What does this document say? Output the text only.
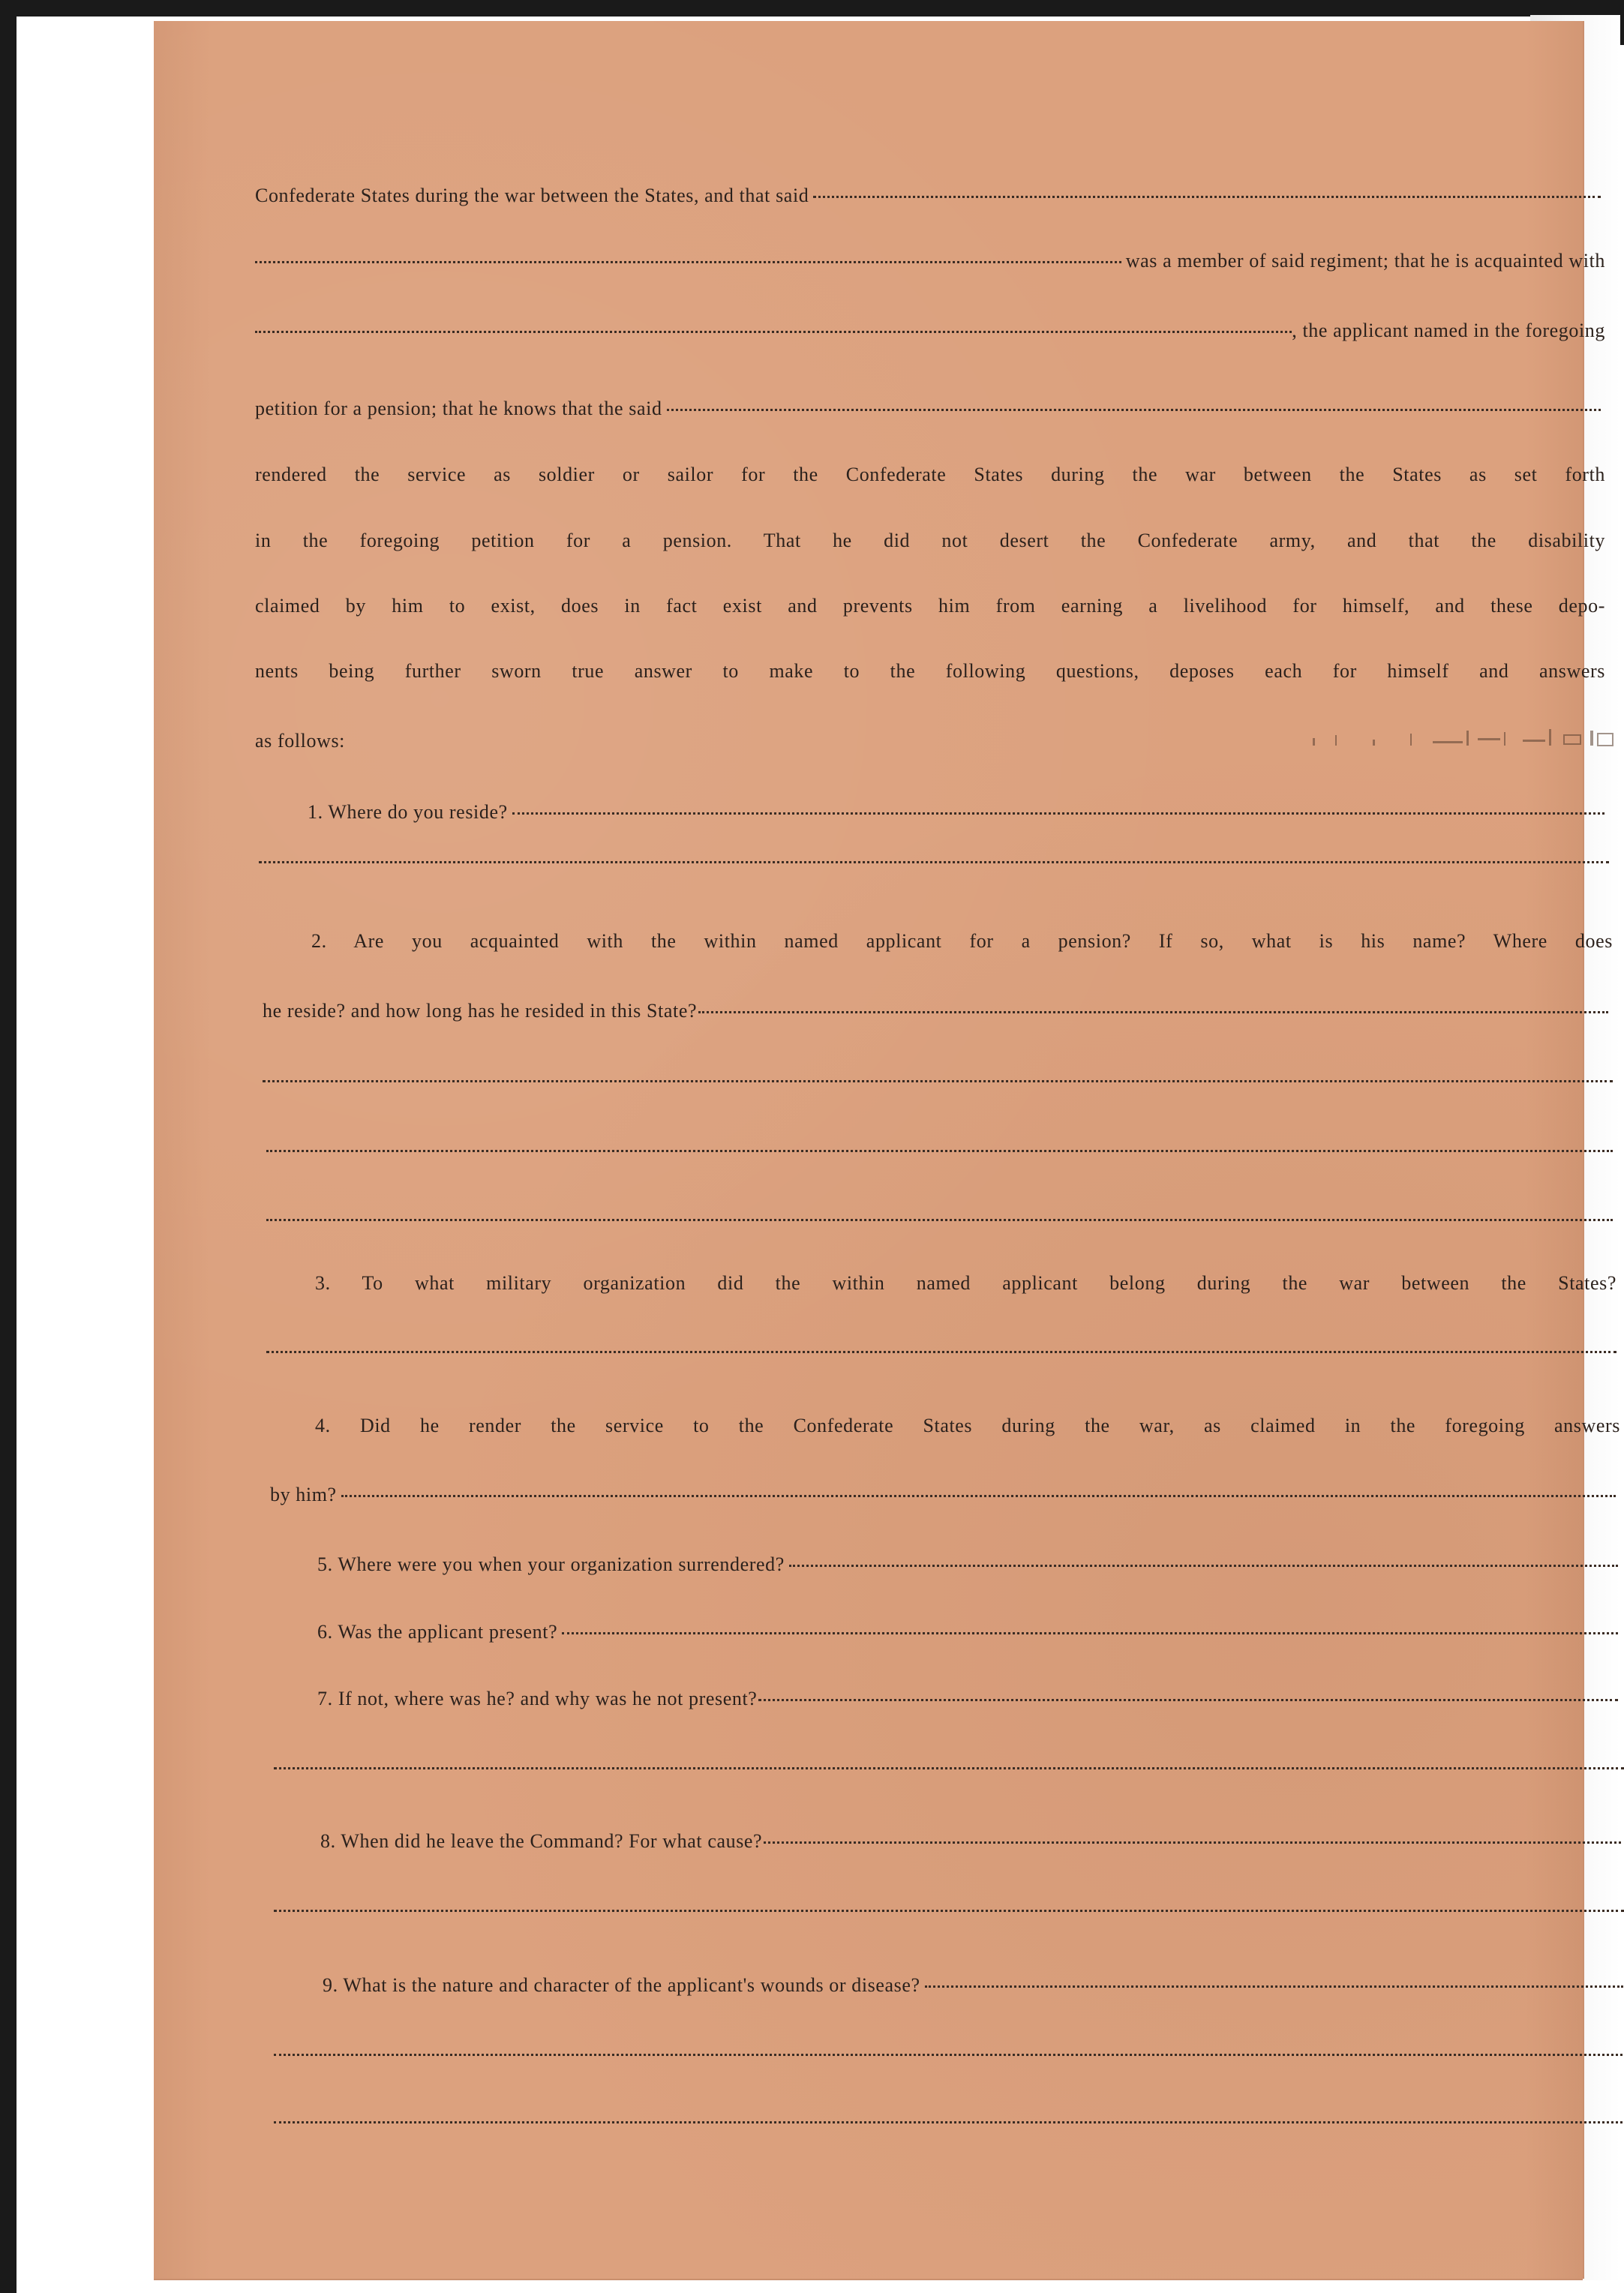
Confederate States during the war between the States, and that said
was a member of said regiment; that he is acquainted with
, the applicant named in the foregoing
petition for a pension; that he knows that the said
rendered the service as soldier or sailor for the Confederate States during the war between the States as set forth
in the foregoing petition for a pension. That he did not desert the Confederate army, and that the disability
claimed by him to exist, does in fact exist and prevents him from earning a livelihood for himself, and these depo-
nents being further sworn true answer to make to the following questions, deposes each for himself and answers
as follows:
1. Where do you reside?
2. Are you acquainted with the within named applicant for a pension? If so, what is his name? Where does
he reside? and how long has he resided in this State?
3. To what military organization did the within named applicant belong during the war between the States?
4. Did he render the service to the Confederate States during the war, as claimed in the foregoing answers
by him?
5. Where were you when your organization surrendered?
6. Was the applicant present?
7. If not, where was he? and why was he not present?
8. When did he leave the Command? For what cause?
9. What is the nature and character of the applicant's wounds or disease?
